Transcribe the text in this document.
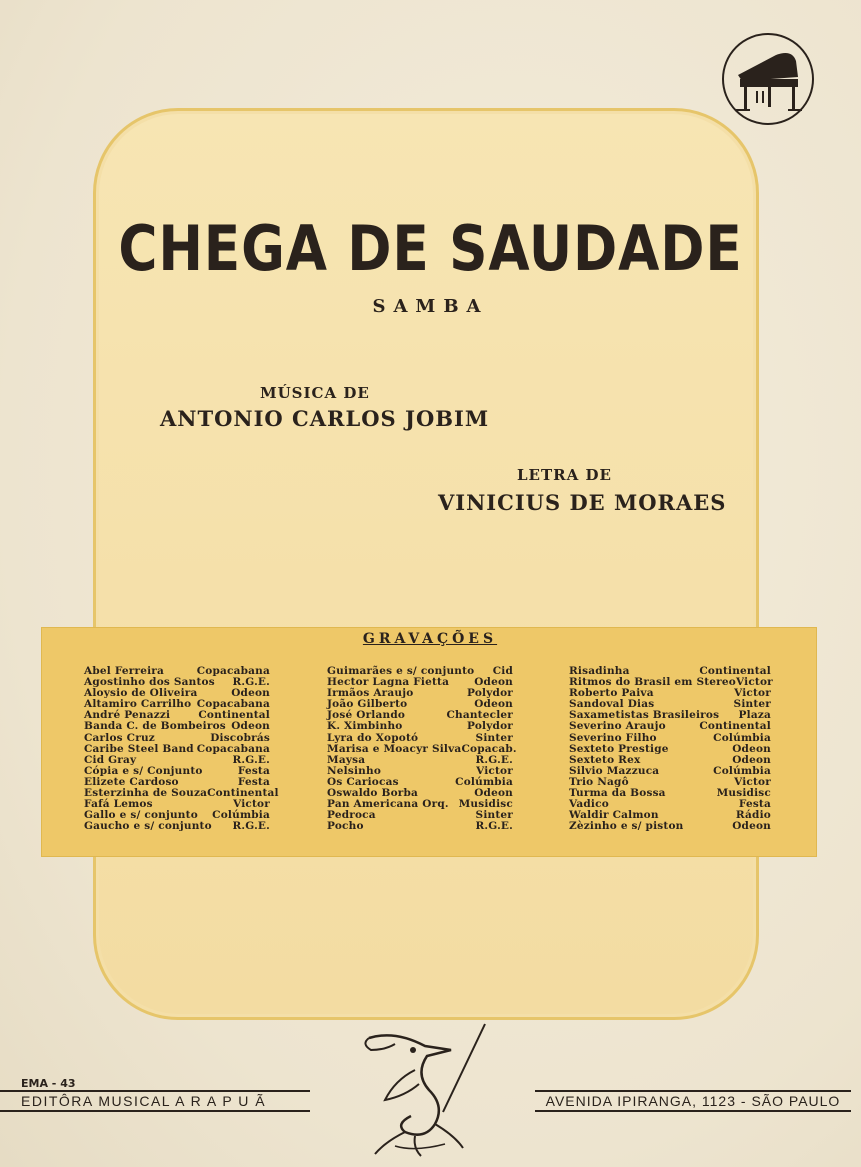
CHEGA DE SAUDADE
SAMBA
MÚSICA DE
ANTONIO CARLOS JOBIM
LETRA DE
VINICIUS DE MORAES
GRAVAÇÕES
Abel Ferreira	Copacabana
Agostinho dos Santos R.G.E.
Aloysio de Oliveira	Odeon
Altamiro Carrilho Copacabana
André Penazzi	Continental
Banda C. de Bombeiros Odeon
Carlos Cruz	Discobrás
Caribe Steel Band Copacabana
Cid Gray	R.G.E.
Cópia e s/ Conjunto	Festa
Elizete Cardoso	Festa
Esterzinha de Souza Continental
Fafá Lemos	Victor
Gallo e s/ conjunto Colúmbia
Gaucho e s/ conjunto R.G.E.
Guimarães e s/ conjunto Cid
Hector Lagna Fietta Odeon
Irmãos Araujo	Polydor
João Gilberto	Odeon
José Orlando	Chantecler
K. Ximbinho	Polydor
Lyra do Xopotó	Sinter
Marisa e Moacyr Silva Copacab.
Maysa	R.G.E.
Nelsinho	Victor
Os Cariocas	Colúmbia
Oswaldo Borba	Odeon
Pan Americana Orq. Musidisc
Pedroca	Sinter
Pocho	R.G.E.
Risadinha	Continental
Ritmos do Brasil em Stereo Victor
Roberto Paiva	Victor
Sandoval Dias	Sinter
Saxametistas Brasileiros Plaza
Severino Araujo	Continental
Severino Filho	Colúmbia
Sexteto Prestige	Odeon
Sexteto Rex	Odeon
Silvio Mazzuca	Colúmbia
Trio Nagô	Victor
Turma da Bossa	Musidisc
Vadico	Festa
Waldir Calmon	Rádio
Zèzinho e s/ piston	Odeon
EMA - 43
EDITÔRA MUSICAL A R A P U Ã	AVENIDA IPIRANGA, 1123 - SÃO PAULO
